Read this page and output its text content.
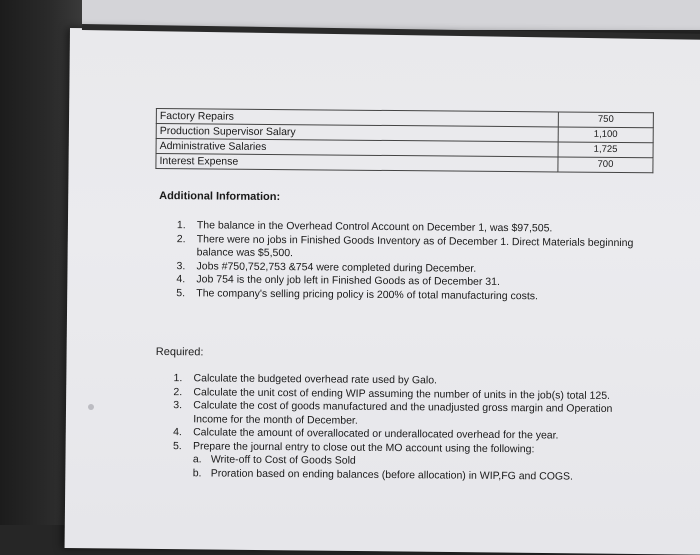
Factory Repairs	750
Production Supervisor Salary	1,100
Administrative Salaries	1,725
Interest Expense	700
Additional Information:
1. The balance in the Overhead Control Account on December 1, was $97,505.
2. There were no jobs in Finished Goods Inventory as of December 1. Direct Materials beginning balance was $5,500.
3. Jobs #750,752,753 &754 were completed during December.
4. Job 754 is the only job left in Finished Goods as of December 31.
5. The company's selling pricing policy is 200% of total manufacturing costs.
Required:
1. Calculate the budgeted overhead rate used by Galo.
2. Calculate the unit cost of ending WIP assuming the number of units in the job(s) total 125.
3. Calculate the cost of goods manufactured and the unadjusted gross margin and Operation Income for the month of December.
4. Calculate the amount of overallocated or underallocated overhead for the year.
5. Prepare the journal entry to close out the MO account using the following:
a. Write-off to Cost of Goods Sold
b. Proration based on ending balances (before allocation) in WIP,FG and COGS.
